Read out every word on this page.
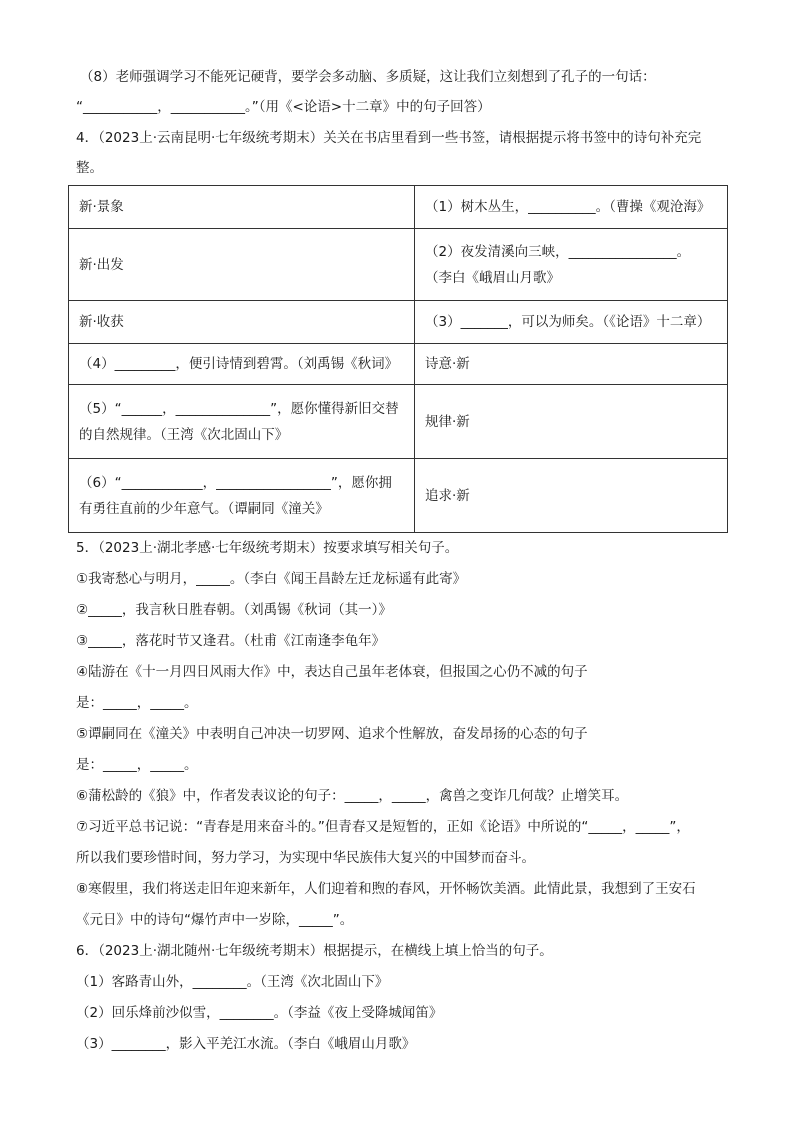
（8）老师强调学习不能死记硬背，要学会多动脑、多质疑，这让我们立刻想到了孔子的一句话：
“___________，___________。”（用《<论语>十二章》中的句子回答）
4．（2023上·云南昆明·七年级统考期末）关关在书店里看到一些书签，请根据提示将书签中的诗句补充完
整。
新·景象	（1）树木丛生，__________。（曹操《观沧海》
新·出发	（2）夜发清溪向三峡，________________。
（李白《峨眉山月歌》

新·收获	（3）_______，可以为师矣。（《论语》十二章）
（4）_________，便引诗情到碧霄。（刘禹锡《秋词》	诗意·新

（5）“______，______________”，愿你懂得新旧交替
的自然规律。（王湾《次北固山下》	规律·新

（6）“____________，_________________”，愿你拥
有勇往直前的少年意气。（谭嗣同《潼关》	追求·新
5．（2023上·湖北孝感·七年级统考期末）按要求填写相关句子。
①我寄愁心与明月，_____。（李白《闻王昌龄左迁龙标遥有此寄》
②_____，我言秋日胜春朝。（刘禹锡《秋词（其一）》
③_____，落花时节又逢君。（杜甫《江南逢李龟年》
④陆游在《十一月四日风雨大作》中，表达自己虽年老体衰，但报国之心仍不减的句子
是：_____，_____。
⑤谭嗣同在《潼关》中表明自己冲决一切罗网、追求个性解放，奋发昂扬的心态的句子
是：_____，_____。
⑥蒲松龄的《狼》中，作者发表议论的句子：_____，_____，禽兽之变诈几何哉？止增笑耳。
⑦习近平总书记说：“青春是用来奋斗的。”但青春又是短暂的，正如《论语》中所说的“_____，_____”，
所以我们要珍惜时间，努力学习，为实现中华民族伟大复兴的中国梦而奋斗。
⑧寒假里，我们将送走旧年迎来新年，人们迎着和煦的春风，开怀畅饮美酒。此情此景，我想到了王安石
《元日》中的诗句“爆竹声中一岁除，_____”。
6．（2023上·湖北随州·七年级统考期末）根据提示，在横线上填上恰当的句子。
（1）客路青山外，________。（王湾《次北固山下》
（2）回乐烽前沙似雪，________。（李益《夜上受降城闻笛》
（3）________，影入平羌江水流。（李白《峨眉山月歌》
